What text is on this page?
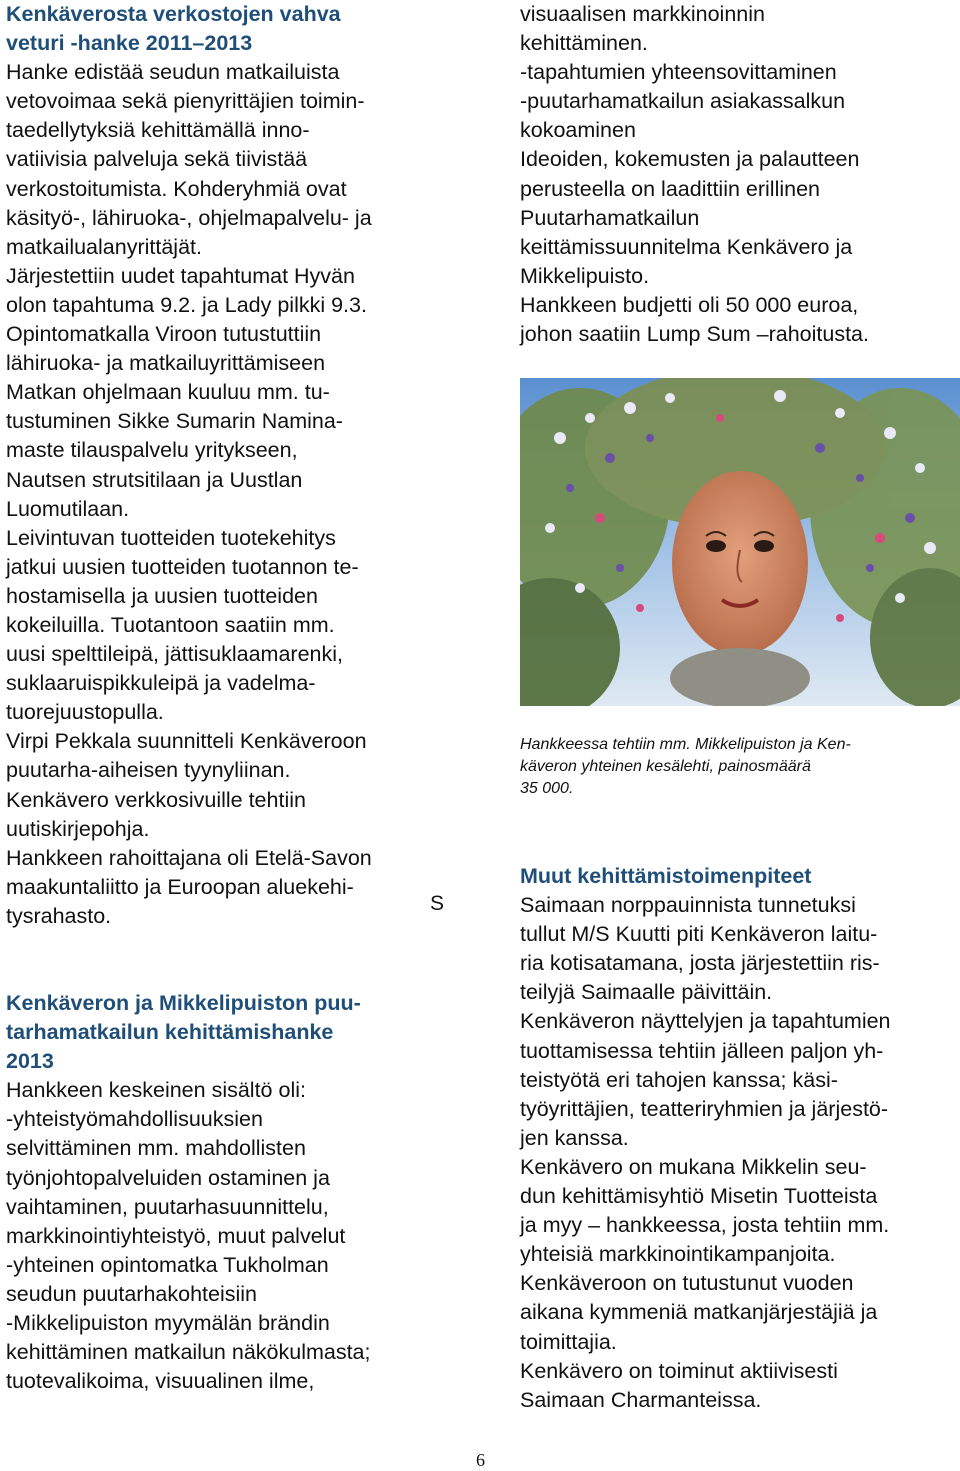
Kenkäverosta verkostojen vahva
veturi -hanke 2011–2013

Hanke edistää seudun matkailuista
vetovoimaa sekä pienyrittäjien toimin-
taedellytyksiä kehittämällä inno-
vatiivisia palveluja sekä tiivistää
verkostoitumista. Kohderyhmiä ovat
käsityö-, lähiruoka-, ohjelmapalvelu- ja
matkailualanyrittäjät.
Järjestettiin uudet tapahtumat Hyvän
olon tapahtuma 9.2. ja Lady pilkki 9.3.
Opintomatkalla Viroon tutustuttiin
lähiruoka- ja matkailuyrittämiseen
Matkan ohjelmaan kuuluu mm. tu-
tustuminen Sikke Sumarin Namina-
maste tilauspalvelu yritykseen,
Nautsen strutsitilaan ja Uustlan
Luomutilaan.
Leivintuvan tuotteiden tuotekehitys
jatkui uusien tuotteiden tuotannon te-
hostamisella ja uusien tuotteiden
kokeiluilla. Tuotantoon saatiin mm.
uusi spelttileipä, jättisuklaamarenki,
suklaaruispikkuleipä ja vadelma-
tuorejuustopulla.
Virpi Pekkala suunnitteli Kenkäveroon
puutarha-aiheisen tyynyliinan.
Kenkävero verkkosivuille tehtiin
uutiskirjepohja.
Hankkeen rahoittajana oli Etelä-Savon
maakuntaliitto ja Euroopan aluekehi-
tysrahasto.

Kenkäveron ja Mikkelipuiston puu-
tarhamatkailun kehittämishanke
2013

Hankkeen keskeinen sisältö oli:
-yhteistyömahdollisuuksien
selvittäminen mm. mahdollisten
työnjohtopalveluiden ostaminen ja
vaihtaminen, puutarhasuunnittelu,
markkinointiyhteistyö, muut palvelut
-yhteinen opintomatka Tukholman
seudun puutarhakohteisiin
-Mikkelipuiston myymälän brändin
kehittäminen matkailun näkökulmasta;
tuotevalikoima, visuualinen ilme,

S

visuaalisen markkinoinnin
kehittäminen.
-tapahtumien yhteensovittaminen
-puutarhamatkailun asiakassalkun
kokoaminen
Ideoiden, kokemusten ja palautteen
perusteella on laadittiin erillinen
Puutarhamatkailun
keittämissuunnitelma Kenkävero ja
Mikkelipuisto.
Hankkeen budjetti oli 50 000 euroa,
johon saatiin Lump Sum –rahoitusta.

Hankkeessa tehtiin mm. Mikkelipuiston ja Ken-
käveron yhteinen kesälehti, painosmäärä
35 000.

Muut kehittämistoimenpiteet

Saimaan norppauinnista tunnetuksi
tullut M/S Kuutti piti Kenkäveron laitu-
ria kotisatamana, josta järjestettiin ris-
teilyjä Saimaalle päivittäin.
Kenkäveron näyttelyjen ja tapahtumien
tuottamisessa tehtiin jälleen paljon yh-
teistyötä eri tahojen kanssa; käsi-
työyrittäjien, teatteriryhmien ja järjestö-
jen kanssa.
Kenkävero on mukana Mikkelin seu-
dun kehittämisyhtiö Misetin Tuotteista
ja myy – hankkeessa, josta tehtiin mm.
yhteisiä markkinointikampanjoita.
Kenkäveroon on tutustunut vuoden
aikana kymmeniä matkanjärjestäjiä ja
toimittajia.
Kenkävero on toiminut aktiivisesti
Saimaan Charmanteissa.

6
